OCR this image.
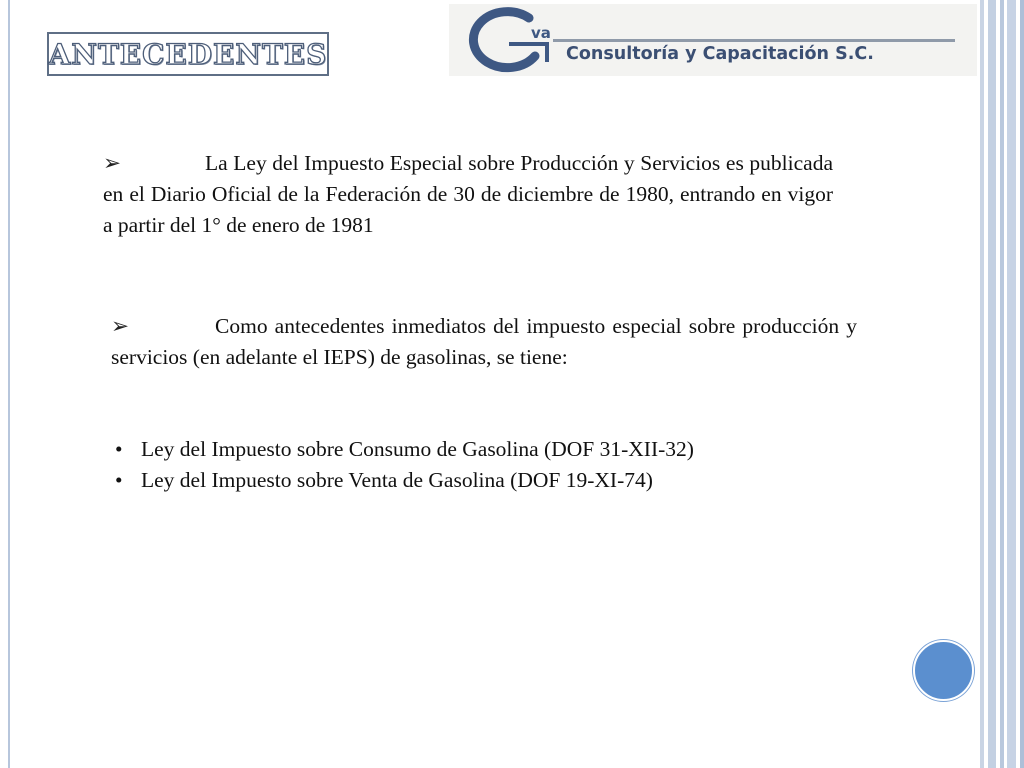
ANTECEDENTES
va
Consultoría y Capacitación S.C.
➢	La Ley del Impuesto Especial sobre Producción y Servicios es publicada en el Diario Oficial de la Federación de 30 de diciembre de 1980, entrando en vigor a partir del 1° de enero de 1981
➢	Como antecedentes inmediatos del impuesto especial sobre producción y servicios (en adelante el IEPS) de gasolinas, se tiene:
• Ley del Impuesto sobre Consumo de Gasolina (DOF 31-XII-32)
• Ley del Impuesto sobre Venta de Gasolina (DOF 19-XI-74)
